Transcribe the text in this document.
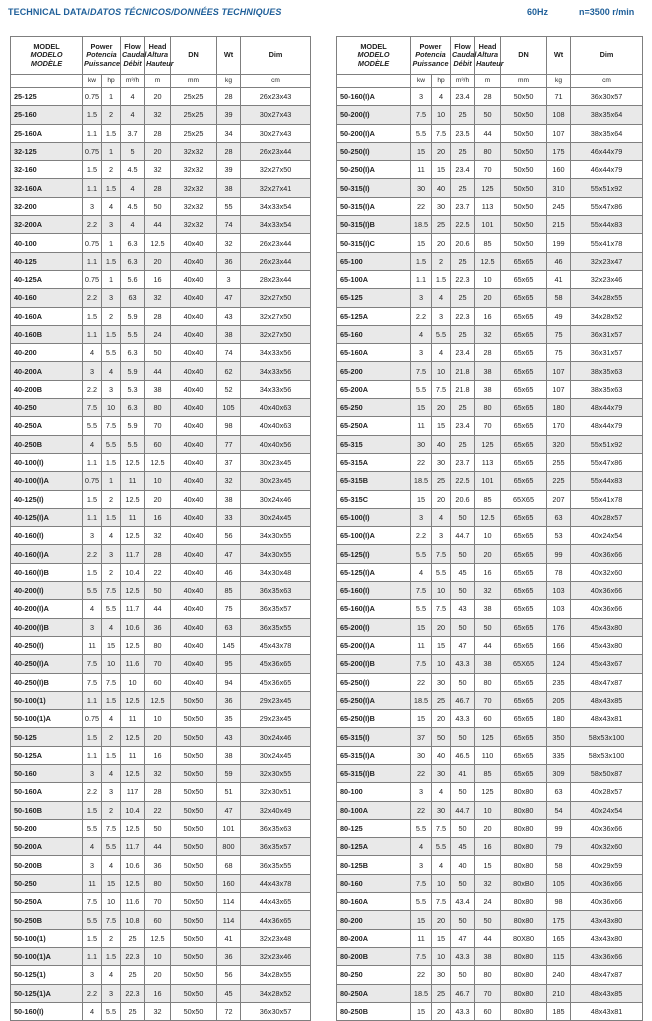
TECHNICAL DATA/DATOS TÉCNICOS/DONNÉES TECHNIQUES	60Hz	n=3500 r/min
MODEL
MODELO
MODÈLE	Power
Potencia
Puissance		Flow
Caudal
Débit	Head
Altura
Hauteur	DN	Wt	Dim
	kw	hp	m³/h	m	mm	kg	cm
25-125	0.75	1	4	20	25x25	28	26x23x43
25-160	1.5	2	4	32	25x25	39	30x27x43
25-160A	1.1	1.5	3.7	28	25x25	34	30x27x43
32-125	0.75	1	5	20	32x32	28	26x23x44
32-160	1.5	2	4.5	32	32x32	39	32x27x50
32-160A	1.1	1.5	4	28	32x32	38	32x27x41
32-200	3	4	4.5	50	32x32	55	34x33x54
32-200A	2.2	3	4	44	32x32	74	34x33x54
40-100	0.75	1	6.3	12.5	40x40	32	26x23x44
40-125	1.1	1.5	6.3	20	40x40	36	26x23x44
40-125A	0.75	1	5.6	16	40x40	3	28x23x44
40-160	2.2	3	63	32	40x40	47	32x27x50
40-160A	1.5	2	5.9	28	40x40	43	32x27x50
40-160B	1.1	1.5	5.5	24	40x40	38	32x27x50
40-200	4	5.5	6.3	50	40x40	74	34x33x56
40-200A	3	4	5.9	44	40x40	62	34x33x56
40-200B	2.2	3	5.3	38	40x40	52	34x33x56
40-250	7.5	10	6.3	80	40x40	105	40x40x63
40-250A	5.5	7.5	5.9	70	40x40	98	40x40x63
40-250B	4	5.5	5.5	60	40x40	77	40x40x56
40-100(I)	1.1	1.5	12.5	12.5	40x40	37	30x23x45
40-100(I)A	0.75	1	11	10	40x40	32	30x23x45
40-125(I)	1.5	2	12.5	20	40x40	38	30x24x46
40-125(I)A	1.1	1.5	11	16	40x40	33	30x24x45
40-160(I)	3	4	12.5	32	40x40	56	34x30x55
40-160(I)A	2.2	3	11.7	28	40x40	47	34x30x55
40-160(I)B	1.5	2	10.4	22	40x40	46	34x30x48
40-200(I)	5.5	7.5	12.5	50	40x40	85	36x35x63
40-200(I)A	4	5.5	11.7	44	40x40	75	36x35x57
40-200(I)B	3	4	10.6	36	40x40	63	36x35x55
40-250(I)	11	15	12.5	80	40x40	145	45x43x78
40-250(I)A	7.5	10	11.6	70	40x40	95	45x36x65
40-250(I)B	7.5	7.5	10	60	40x40	94	45x36x65
50-100(1)	1.1	1.5	12.5	12.5	50x50	36	29x23x45
50-100(1)A	0.75	4	11	10	50x50	35	29x23x45
50-125	1.5	2	12.5	20	50x50	43	30x24x46
50-125A	1.1	1.5	11	16	50x50	38	30x24x45
50-160	3	4	12.5	32	50x50	59	32x30x55
50-160A	2.2	3	117	28	50x50	51	32x30x51
50-160B	1.5	2	10.4	22	50x50	47	32x40x49
50-200	5.5	7.5	12.5	50	50x50	101	36x35x63
50-200A	4	5.5	11.7	44	50x50	800	36x35x57
50-200B	3	4	10.6	36	50x50	68	36x35x55
50-250	11	15	12.5	80	50x50	160	44x43x78
50-250A	7.5	10	11.6	70	50x50	114	44x43x65
50-250B	5.5	7.5	10.8	60	50x50	114	44x36x65
50-100(1)	1.5	2	25	12.5	50x50	41	32x23x48
50-100(1)A	1.1	1.5	22.3	10	50x50	36	32x23x46
50-125(1)	3	4	25	20	50x50	56	34x28x55
50-125(1)A	2.2	3	22.3	16	50x50	45	34x28x52
50-160(I)	4	5.5	25	32	50x50	72	36x30x57
MODEL
MODELO
MODÈLE	Power
Potencia
Puissance		Flow
Caudal
Débit	Head
Altura
Hauteur	DN	Wt	Dim
	kw	hp	m³/h	m	mm	kg	cm
50-160(I)A	3	4	23.4	28	50x50	71	36x30x57
50-200(I)	7.5	10	25	50	50x50	108	38x35x64
50-200(I)A	5.5	7.5	23.5	44	50x50	107	38x35x64
50-250(I)	15	20	25	80	50x50	175	46x44x79
50-250(I)A	11	15	23.4	70	50x50	160	46x44x79
50-315(I)	30	40	25	125	50x50	310	55x51x92
50-315(I)A	22	30	23.7	113	50x50	245	55x47x86
50-315(I)B	18.5	25	22.5	101	50x50	215	55x44x83
50-315(I)C	15	20	20.6	85	50x50	199	55x41x78
65-100	1.5	2	25	12.5	65x65	46	32x23x47
65-100A	1.1	1.5	22.3	10	65x65	41	32x23x46
65-125	3	4	25	20	65x65	58	34x28x55
65-125A	2.2	3	22.3	16	65x65	49	34x28x52
65-160	4	5.5	25	32	65x65	75	36x31x57
65-160A	3	4	23.4	28	65x65	75	36x31x57
65-200	7.5	10	21.8	38	65x65	107	38x35x63
65-200A	5.5	7.5	21.8	38	65x65	107	38x35x63
65-250	15	20	25	80	65x65	180	48x44x79
65-250A	11	15	23.4	70	65x65	170	48x44x79
65-315	30	40	25	125	65x65	320	55x51x92
65-315A	22	30	23.7	113	65x65	255	55x47x86
65-315B	18.5	25	22.5	101	65x65	225	55x44x83
65-315C	15	20	20.6	85	65X65	207	55x41x78
65-100(I)	3	4	50	12.5	65x65	63	40x28x57
65-100(I)A	2.2	3	44.7	10	65x65	53	40x24x54
65-125(I)	5.5	7.5	50	20	65x65	99	40x36x66
65-125(I)A	4	5.5	45	16	65x65	78	40x32x60
65-160(I)	7.5	10	50	32	65x65	103	40x36x66
65-160(I)A	5.5	7.5	43	38	65x65	103	40x36x66
65-200(I)	15	20	50	50	65x65	176	45x43x80
65-200(I)A	11	15	47	44	65x65	166	45x43x80
65-200(I)B	7.5	10	43.3	38	65X65	124	45x43x67
65-250(I)	22	30	50	80	65x65	235	48x47x87
65-250(I)A	18.5	25	46.7	70	65x65	205	48x43x85
65-250(I)B	15	20	43.3	60	65x65	180	48x43x81
65-315(I)	37	50	50	125	65x65	350	58x53x100
65-315(I)A	30	40	46.5	110	65x65	335	58x53x100
65-315(I)B	22	30	41	85	65x65	309	58x50x87
80-100	3	4	50	125	80x80	63	40x28x57
80-100A	22	30	44.7	10	80x80	54	40x24x54
80-125	5.5	7.5	50	20	80x80	99	40x36x66
80-125A	4	5.5	45	16	80x80	79	40x32x60
80-125B	3	4	40	15	80x80	58	40x29x59
80-160	7.5	10	50	32	80xB0	105	40x36x66
80-160A	5.5	7.5	43.4	24	80x80	98	40x36x66
80-200	15	20	50	50	80x80	175	43x43x80
80-200A	11	15	47	44	80X80	165	43x43x80
80-200B	7.5	10	43.3	38	80x80	115	43x36x66
80-250	22	30	50	80	80x80	240	48x47x87
80-250A	18.5	25	46.7	70	80x80	210	48x43x85
80-250B	15	20	43.3	60	80x80	185	48x43x81
